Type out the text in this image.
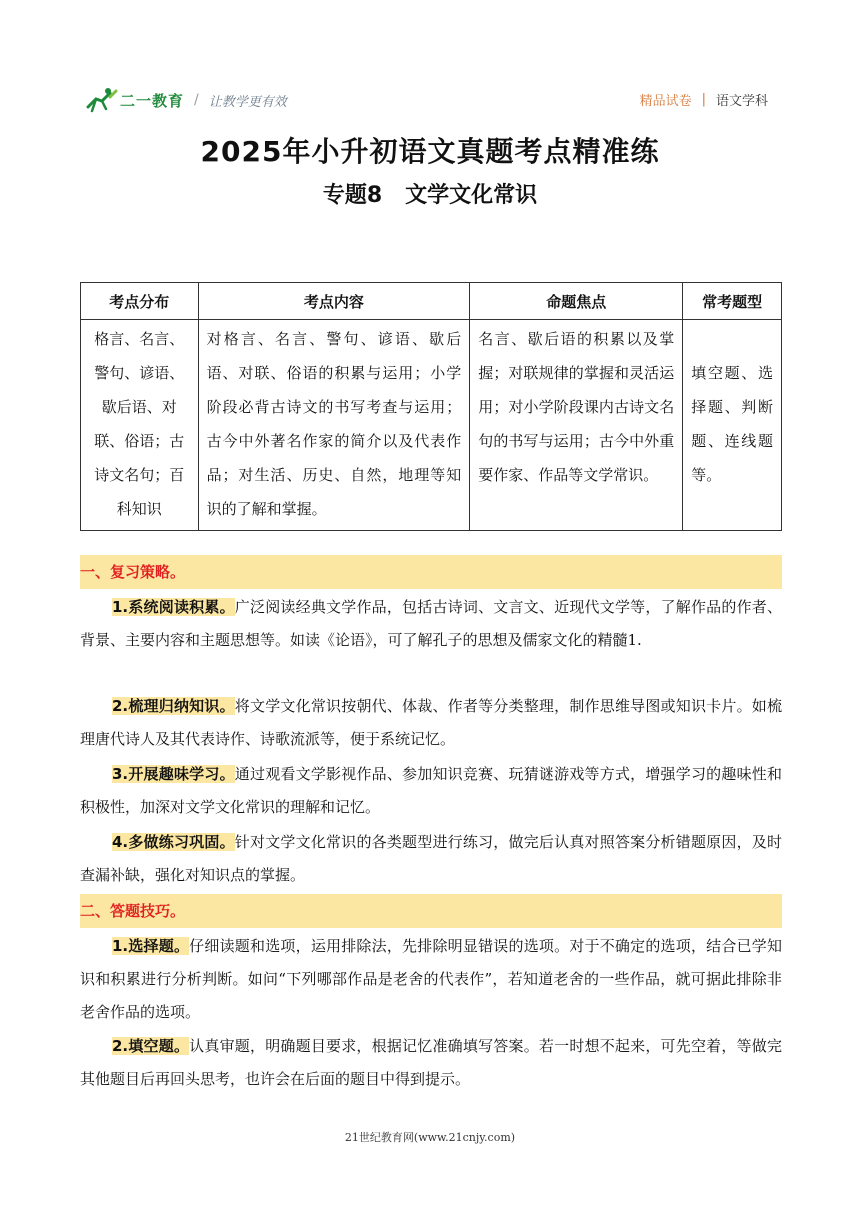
二一教育 / 让教学更有效	精品试卷 | 语文学科
2025年小升初语文真题考点精准练
专题8   文学文化常识
考点分布	考点内容	命题焦点	常考题型
格言、名言、警句、谚语、歇后语、对联、俗语；古诗文名句；百科知识	对格言、名言、警句、谚语、歇后语、对联、俗语的积累与运用；小学阶段必背古诗文的书写考查与运用；古今中外著名作家的简介以及代表作品；对生活、历史、自然，地理等知识的了解和掌握。	名言、歇后语的积累以及掌握；对联规律的掌握和灵活运用；对小学阶段课内古诗文名句的书写与运用；古今中外重要作家、作品等文学常识。	填空题、选择题、判断题、连线题等。
一、复习策略。
1.系统阅读积累。广泛阅读经典文学作品，包括古诗词、文言文、近现代文学等，了解作品的作者、背景、主要内容和主题思想等。如读《论语》，可了解孔子的思想及儒家文化的精髓1.
2.梳理归纳知识。将文学文化常识按朝代、体裁、作者等分类整理，制作思维导图或知识卡片。如梳理唐代诗人及其代表诗作、诗歌流派等，便于系统记忆。
3.开展趣味学习。通过观看文学影视作品、参加知识竞赛、玩猜谜游戏等方式，增强学习的趣味性和积极性，加深对文学文化常识的理解和记忆。
4.多做练习巩固。针对文学文化常识的各类题型进行练习，做完后认真对照答案分析错题原因，及时查漏补缺，强化对知识点的掌握。
二、答题技巧。
1.选择题。仔细读题和选项，运用排除法，先排除明显错误的选项。对于不确定的选项，结合已学知识和积累进行分析判断。如问“下列哪部作品是老舍的代表作”，若知道老舍的一些作品，就可据此排除非老舍作品的选项。
2.填空题。认真审题，明确题目要求，根据记忆准确填写答案。若一时想不起来，可先空着，等做完其他题目后再回头思考，也许会在后面的题目中得到提示。
21世纪教育网(www.21cnjy.com)
